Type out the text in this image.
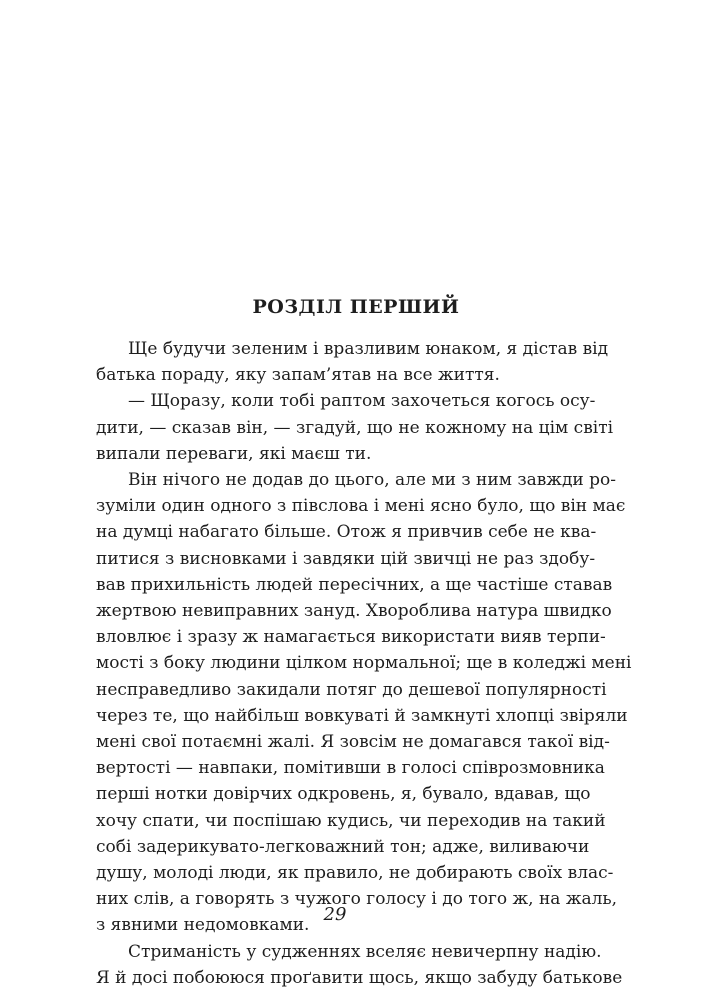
РОЗДІЛ ПЕРШИЙ
Ще будучи зеленим і вразливим юнаком, я дістав від
батька пораду, яку запам’ятав на все життя.
— Щоразу, коли тобі раптом захочеться когось осу-
дити, — сказав він, — згадуй, що не кожному на цім світі
випали переваги, які маєш ти.
Він нічого не додав до цього, але ми з ним завжди ро-
зуміли один одного з півслова і мені ясно було, що він має
на думці набагато більше. Отож я привчив себе не ква-
питися з висновками і завдяки цій звичці не раз здобу-
вав прихильність людей пересічних, а ще частіше ставав
жертвою невиправних зануд. Хвороблива натура швидко
вловлює і зразу ж намагається використати вияв терпи-
мості з боку людини цілком нормальної; ще в коледжі мені
несправедливо закидали потяг до дешевої популярності
через те, що найбільш вовкуваті й замкнуті хлопці звіряли
мені свої потаємні жалі. Я зовсім не домагався такої від-
вертості — навпаки, помітивши в голосі співрозмовника
перші нотки довірчих одкровень, я, бувало, вдавав, що
хочу спати, чи поспішаю кудись, чи переходив на такий
собі задерикувато-легковажний тон; адже, виливаючи
душу, молоді люди, як правило, не добирають своїх влас-
них слів, а говорять з чужого голосу і до того ж, на жаль,
з явними недомовками.
Стриманість у судженнях вселяє невичерпну надію.
Я й досі побоююся проґавити щось, якщо забуду батькове
29
